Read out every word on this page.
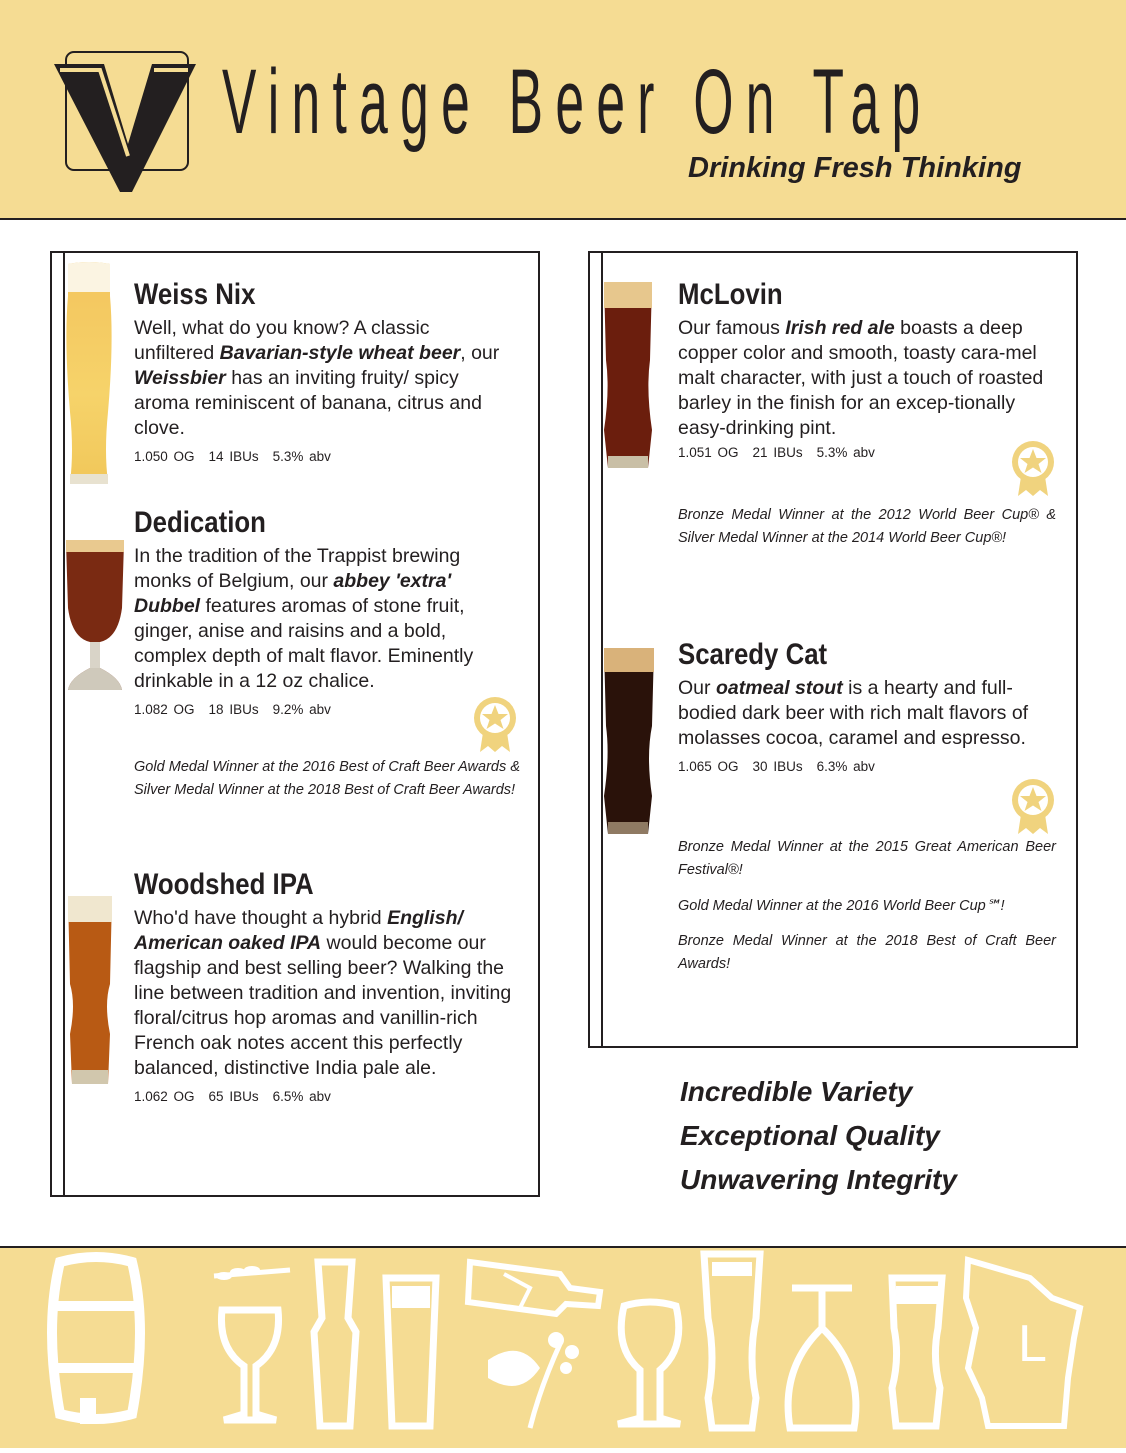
Vintage Beer On Tap
Drinking Fresh Thinking
Weiss Nix
Well, what do you know? A classic unfiltered Bavarian-style wheat beer, our Weissbier has an inviting fruity/ spicy aroma reminiscent of banana, citrus and clove.
1.050 OG 14 IBUs 5.3% abv
Dedication
In the tradition of the Trappist brewing monks of Belgium, our abbey 'extra' Dubbel features aromas of stone fruit, ginger, anise and raisins and a bold, complex depth of malt flavor. Eminently drinkable in a 12 oz chalice.
1.082 OG 18 IBUs 9.2% abv
Gold Medal Winner at the 2016 Best of Craft Beer Awards & Silver Medal Winner at the 2018 Best of Craft Beer Awards!
Woodshed IPA
Who'd have thought a hybrid English/ American oaked IPA would become our flagship and best selling beer? Walking the line between tradition and invention, inviting floral/citrus hop aromas and vanillin-rich French oak notes accent this perfectly balanced, distinctive India pale ale.
1.062 OG 65 IBUs 6.5% abv
McLovin
Our famous Irish red ale boasts a deep copper color and smooth, toasty cara-mel malt character, with just a touch of roasted barley in the finish for an excep-tionally easy-drinking pint.
1.051 OG 21 IBUs 5.3% abv
Bronze Medal Winner at the 2012 World Beer Cup® & Silver Medal Winner at the 2014 World Beer Cup®!
Scaredy Cat
Our oatmeal stout is a hearty and full-bodied dark beer with rich malt flavors of molasses cocoa, caramel and espresso.
1.065 OG 30 IBUs 6.3% abv
Bronze Medal Winner at the 2015 Great American Beer Festival®!
Gold Medal Winner at the 2016 World Beer Cup℠!
Bronze Medal Winner at the 2018 Best of Craft Beer Awards!
Incredible Variety
Exceptional Quality
Unwavering Integrity
L
